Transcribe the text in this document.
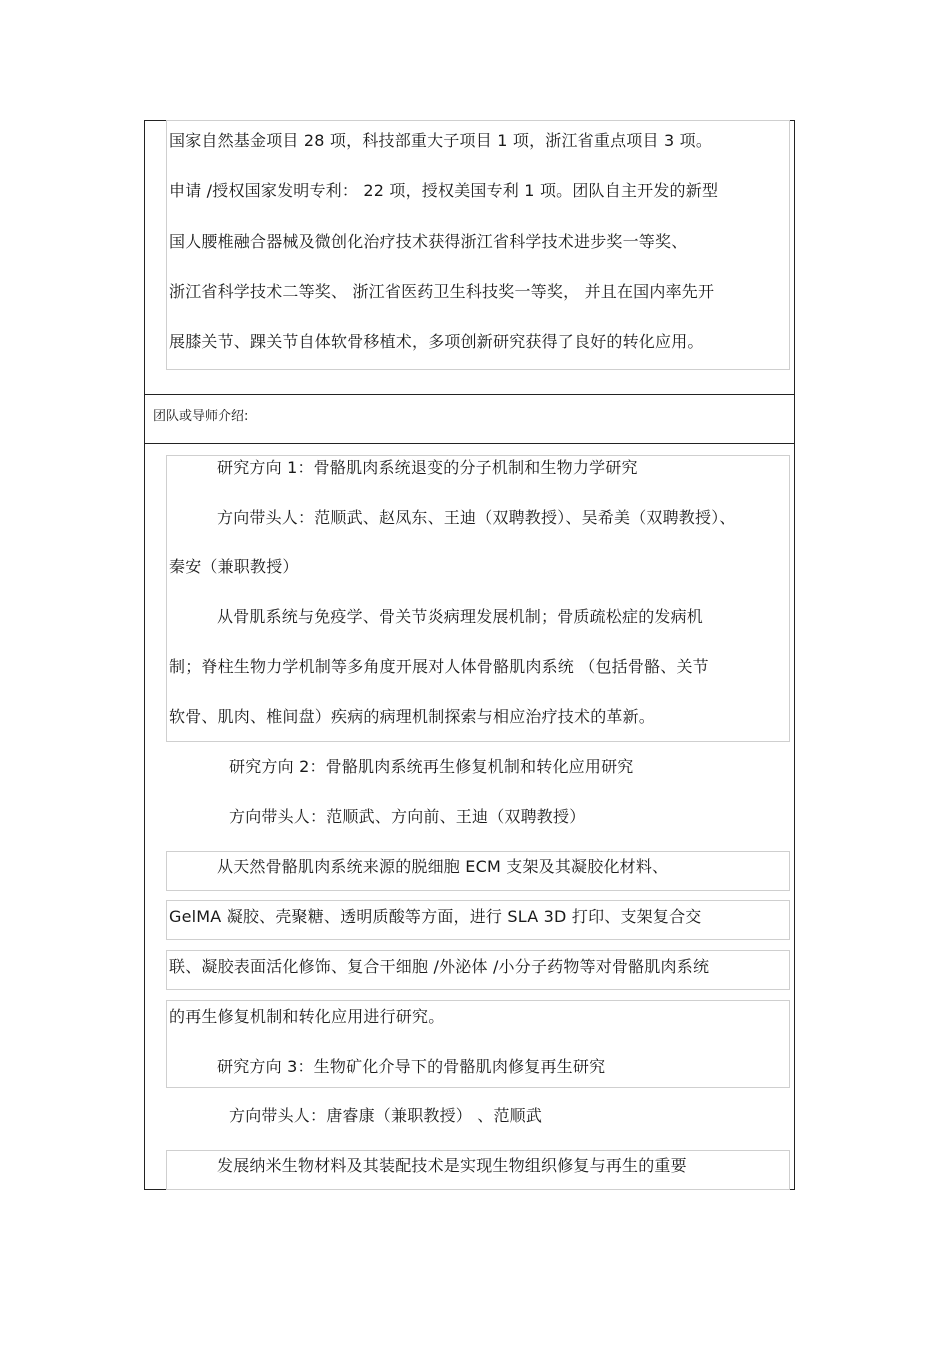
国家自然基金项目 28 项，科技部重大子项目 1 项，浙江省重点项目 3 项。
申请 /授权国家发明专利： 22 项，授权美国专利 1 项。团队自主开发的新型
国人腰椎融合器械及微创化治疗技术获得浙江省科学技术进步奖一等奖、
浙江省科学技术二等奖、 浙江省医药卫生科技奖一等奖， 并且在国内率先开
展膝关节、踝关节自体软骨移植术，多项创新研究获得了良好的转化应用。
团队或导师介绍:
研究方向 1：骨骼肌肉系统退变的分子机制和生物力学研究
方向带头人：范顺武、赵凤东、王迪（双聘教授）、吴希美（双聘教授）、
秦安（兼职教授）
从骨肌系统与免疫学、骨关节炎病理发展机制；骨质疏松症的发病机
制；脊柱生物力学机制等多角度开展对人体骨骼肌肉系统 （包括骨骼、关节
软骨、肌肉、椎间盘）疾病的病理机制探索与相应治疗技术的革新。
研究方向 2：骨骼肌肉系统再生修复机制和转化应用研究
方向带头人：范顺武、方向前、王迪（双聘教授）
从天然骨骼肌肉系统来源的脱细胞 ECM 支架及其凝胶化材料、
GelMA 凝胶、壳聚糖、透明质酸等方面，进行 SLA 3D 打印、支架复合交
联、凝胶表面活化修饰、复合干细胞 /外泌体 /小分子药物等对骨骼肌肉系统
的再生修复机制和转化应用进行研究。
研究方向 3：生物矿化介导下的骨骼肌肉修复再生研究
方向带头人：唐睿康（兼职教授） 、范顺武
发展纳米生物材料及其装配技术是实现生物组织修复与再生的重要
